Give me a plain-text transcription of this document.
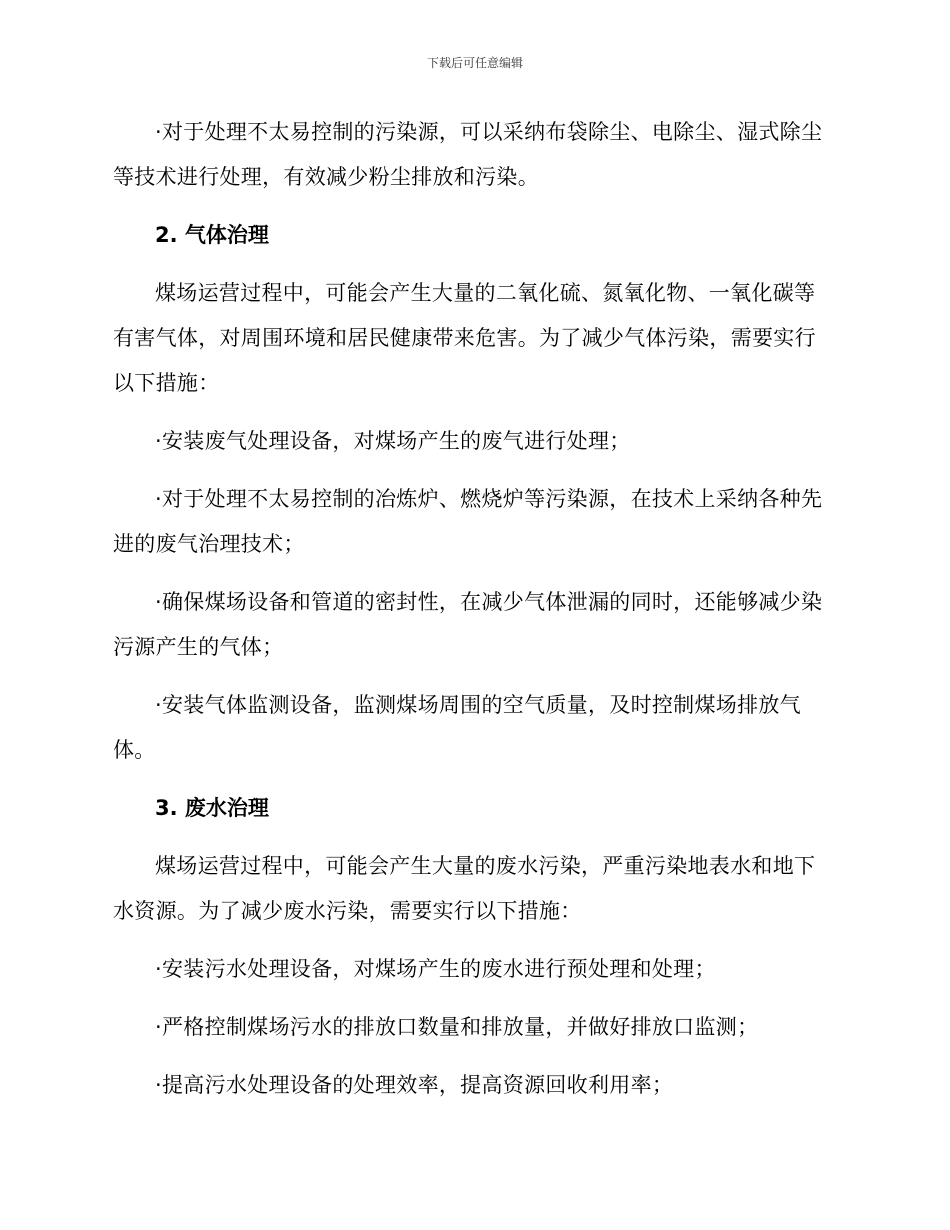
下载后可任意编辑

·对于处理不太易控制的污染源，可以采纳布袋除尘、电除尘、湿式除尘等技术进行处理，有效减少粉尘排放和污染。

2. 气体治理

煤场运营过程中，可能会产生大量的二氧化硫、氮氧化物、一氧化碳等有害气体，对周围环境和居民健康带来危害。为了减少气体污染，需要实行以下措施：

·安装废气处理设备，对煤场产生的废气进行处理；

·对于处理不太易控制的冶炼炉、燃烧炉等污染源，在技术上采纳各种先进的废气治理技术；

·确保煤场设备和管道的密封性，在减少气体泄漏的同时，还能够减少染污源产生的气体；

·安装气体监测设备，监测煤场周围的空气质量，及时控制煤场排放气体。

3. 废水治理

煤场运营过程中，可能会产生大量的废水污染，严重污染地表水和地下水资源。为了减少废水污染，需要实行以下措施：

·安装污水处理设备，对煤场产生的废水进行预处理和处理；

·严格控制煤场污水的排放口数量和排放量，并做好排放口监测；

·提高污水处理设备的处理效率，提高资源回收利用率；
